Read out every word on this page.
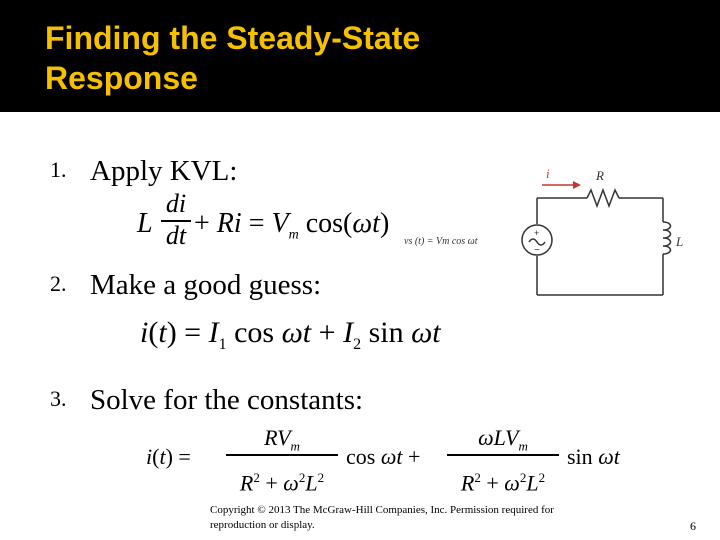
Finding the Steady-State
Response
1. Apply KVL:
L
di
dt + $Ri = V_m$ cos(ωt)
2. Make a good guess:
$i(t) = I_1$ $\cos \omega t + I_2$ sin ωt
3. Solve for the constants:
i(t) =
$RV_m$
$R^2 + \omega^2L^2$
cos ωt +
ωLV$_m$
$R^2 + \omega^2L^2$
sin ωt
+
−
i	R
L
vs (t) = Vm cos ωt
Copyright © 2013 The McGraw-Hill Companies, Inc. Permission required for reproduction or display.	6
